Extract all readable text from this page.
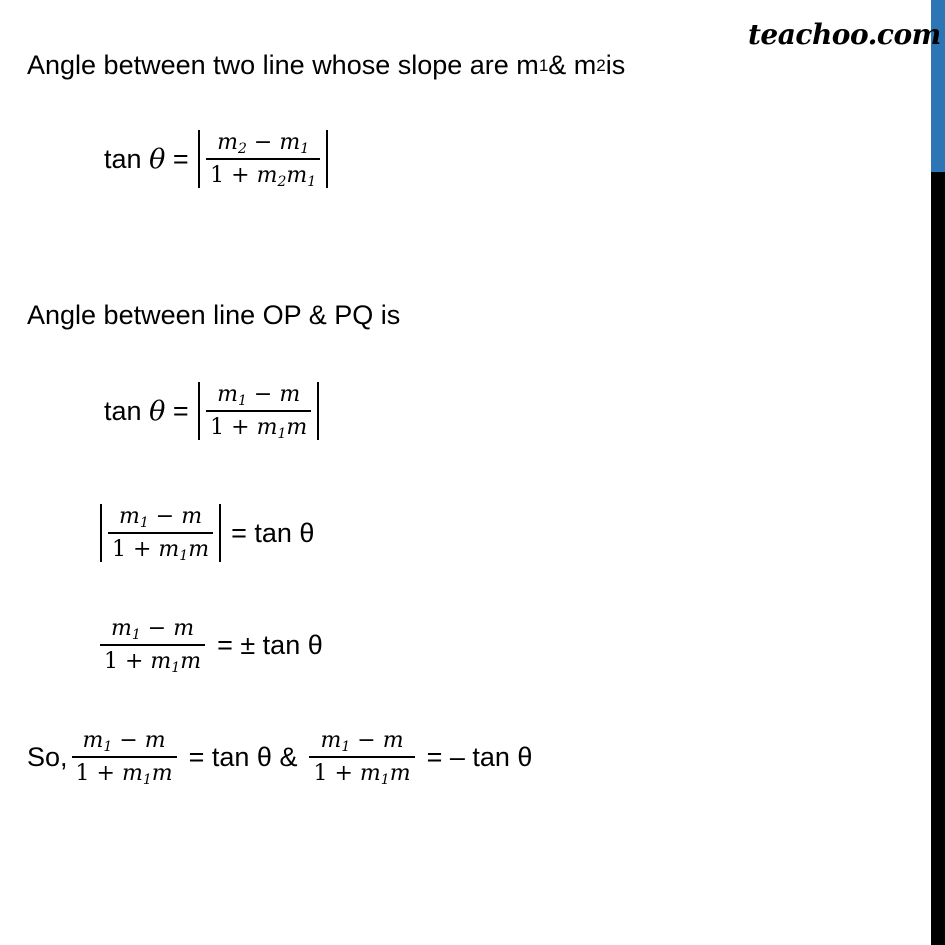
teachoo.com
Angle between two line whose slope are m 1 & m 2 is
tan
θ
=
$\frac{m_2 - m_1}{1 + m_2m_1}$
Angle between line OP & PQ is
tan
θ
=
$\frac{m_1 - m}{1 + m_1m}$
$\frac{m_1 - m}{1 + m_1m} = \tan \theta$
$\frac{m_1 - m}{1 + m_1m}$ = ± tan θ
So, $\frac{m_1 - m}{1 + m_1m} = \tan \theta$ & $\frac{m_1 - m}{1 + m_1m}$ = – tan θ
